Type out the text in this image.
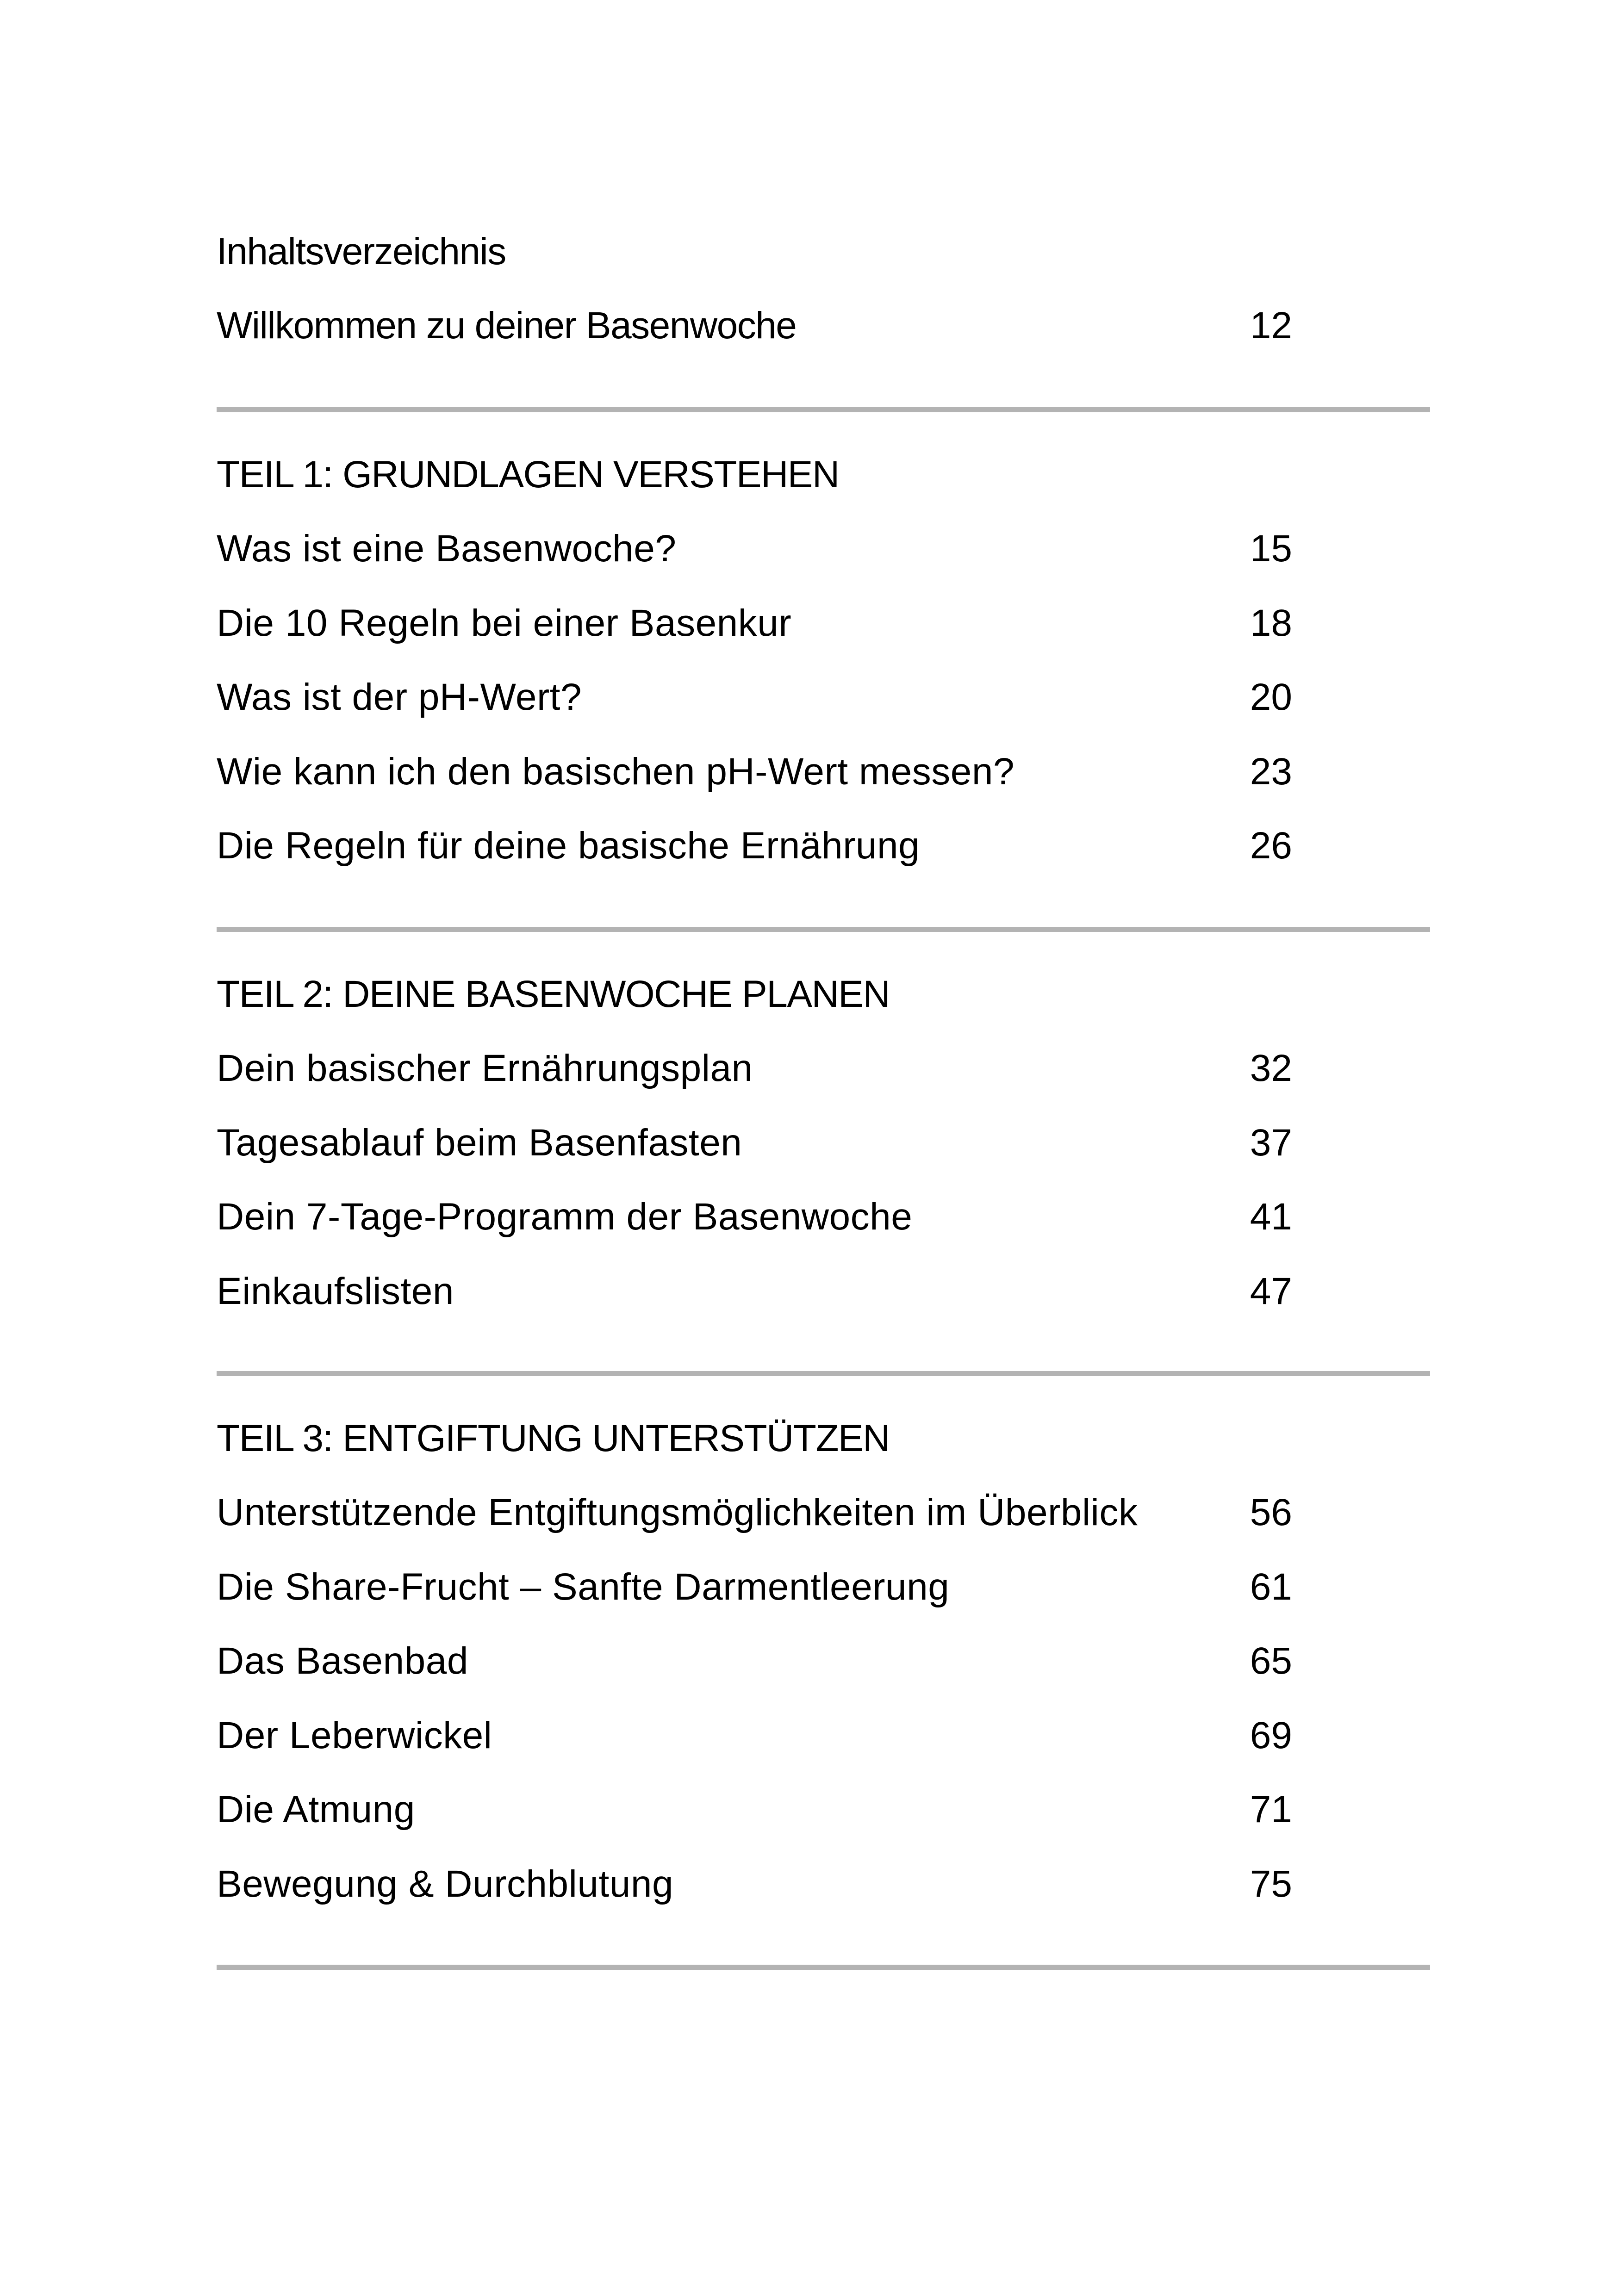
Inhaltsverzeichnis
Willkommen zu deiner Basenwoche	12
TEIL 1: GRUNDLAGEN VERSTEHEN
Was ist eine Basenwoche?	15
Die 10 Regeln bei einer Basenkur	18
Was ist der pH-Wert?	20
Wie kann ich den basischen pH-Wert messen?	23
Die Regeln für deine basische Ernährung	26
TEIL 2: DEINE BASENWOCHE PLANEN
Dein basischer Ernährungsplan	32
Tagesablauf beim Basenfasten	37
Dein 7-Tage-Programm der Basenwoche	41
Einkaufslisten	47
TEIL 3: ENTGIFTUNG UNTERSTÜTZEN
Unterstützende Entgiftungsmöglichkeiten im Überblick	56
Die Share-Frucht – Sanfte Darmentleerung	61
Das Basenbad	65
Der Leberwickel	69
Die Atmung	71
Bewegung & Durchblutung	75
